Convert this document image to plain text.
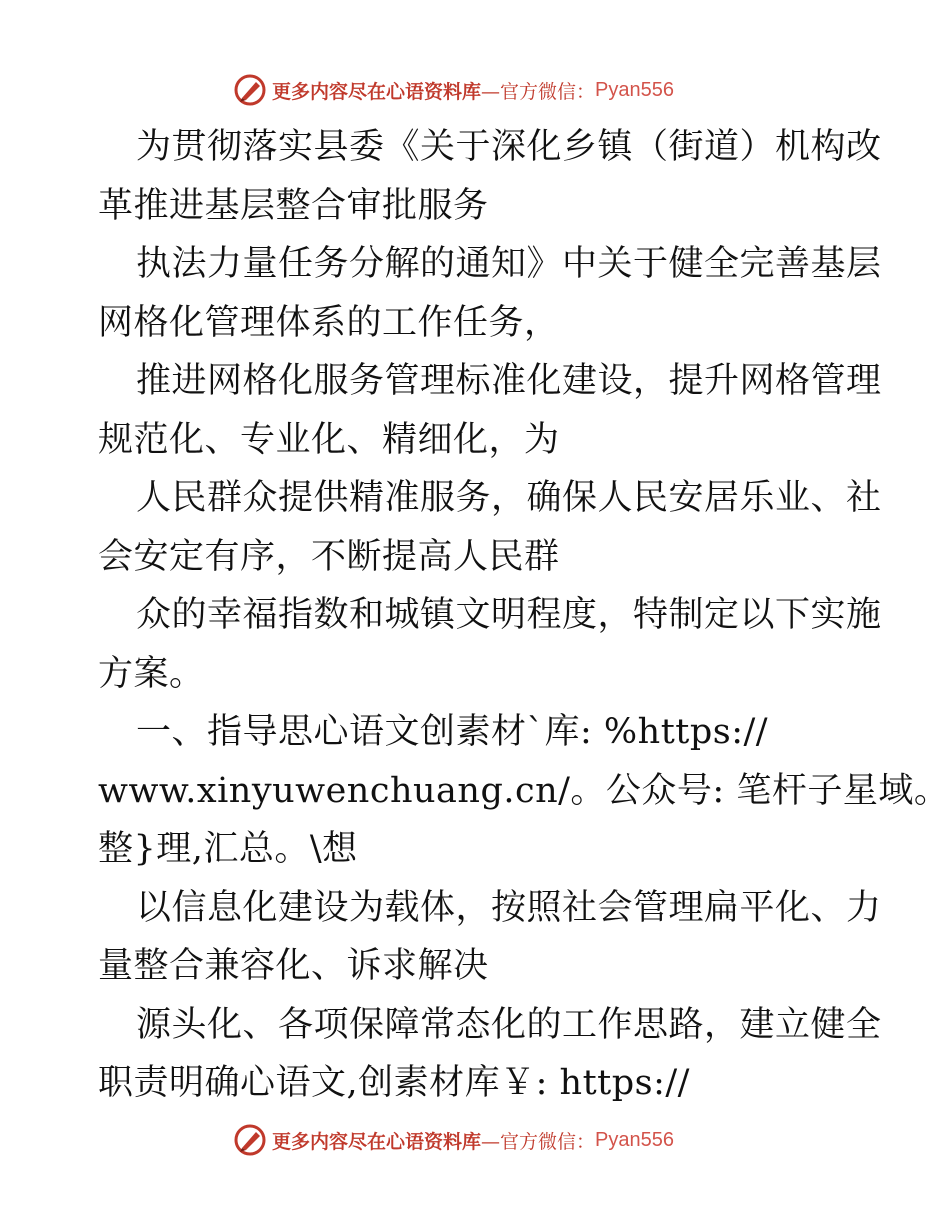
更多内容尽在心语资料库 —官方微信： Pyan556
为贯彻落实县委《关于深化乡镇（街道）机构改
革推进基层整合审批服务
执法力量任务分解的通知》中关于健全完善基层
网格化管理体系的工作任务，
推进网格化服务管理标准化建设，提升网格管理
规范化、专业化、精细化，为
人民群众提供精准服务，确保人民安居乐业、社
会安定有序，不断提高人民群
众的幸福指数和城镇文明程度，特制定以下实施
方案。
一、指导思心语文创素材`库: %https://
www.xinyuwenchuang.cn/。公众号: 笔杆子星域。
整}理,汇总。\想
以信息化建设为载体，按照社会管理扁平化、力
量整合兼容化、诉求解决
源头化、各项保障常态化的工作思路，建立健全
职责明确心语文,创素材库￥: https://
更多内容尽在心语资料库 —官方微信： Pyan556
